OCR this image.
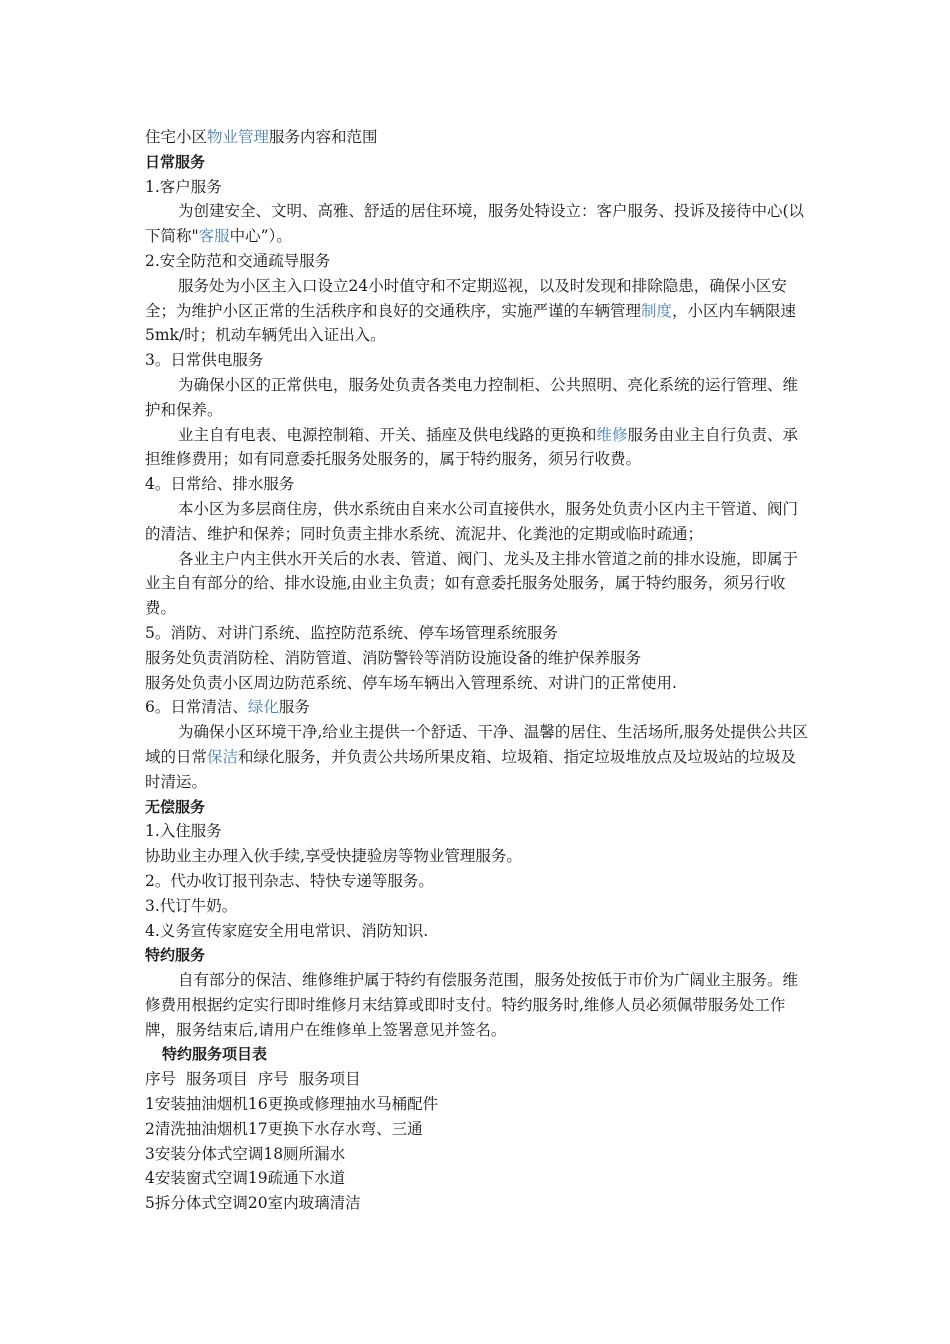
住宅小区物业管理服务内容和范围

日常服务

1.客户服务

为创建安全、文明、高雅、舒适的居住环境，服务处特设立：客户服务、投诉及接待中心(以下简称"客服中心”）。

2.安全防范和交通疏导服务

服务处为小区主入口设立24小时值守和不定期巡视，以及时发现和排除隐患，确保小区安全；为维护小区正常的生活秩序和良好的交通秩序，实施严谨的车辆管理制度，小区内车辆限速5mk/时；机动车辆凭出入证出入。

3。日常供电服务

为确保小区的正常供电，服务处负责各类电力控制柜、公共照明、亮化系统的运行管理、维护和保养。

业主自有电表、电源控制箱、开关、插座及供电线路的更换和维修服务由业主自行负责、承担维修费用；如有同意委托服务处服务的，属于特约服务，须另行收费。

4。日常给、排水服务

本小区为多层商住房，供水系统由自来水公司直接供水，服务处负责小区内主干管道、阀门的清洁、维护和保养；同时负责主排水系统、流泥井、化粪池的定期或临时疏通；

各业主户内主供水开关后的水表、管道、阀门、龙头及主排水管道之前的排水设施，即属于业主自有部分的给、排水设施,由业主负责；如有意委托服务处服务，属于特约服务，须另行收费。

5。消防、对讲门系统、监控防范系统、停车场管理系统服务

服务处负责消防栓、消防管道、消防警铃等消防设施设备的维护保养服务

服务处负责小区周边防范系统、停车场车辆出入管理系统、对讲门的正常使用.

6。日常清洁、绿化服务

为确保小区环境干净,给业主提供一个舒适、干净、温馨的居住、生活场所,服务处提供公共区域的日常保洁和绿化服务，并负责公共场所果皮箱、垃圾箱、指定垃圾堆放点及垃圾站的垃圾及时清运。

无偿服务

1.入住服务

协助业主办理入伙手续,享受快捷验房等物业管理服务。

2。代办收订报刊杂志、特快专递等服务。

3.代订牛奶。

4.义务宣传家庭安全用电常识、消防知识.

特约服务

自有部分的保洁、维修维护属于特约有偿服务范围，服务处按低于市价为广阔业主服务。维修费用根据约定实行即时维修月末结算或即时支付。特约服务时,维修人员必须佩带服务处工作牌，服务结束后,请用户在维修单上签署意见并签名。

特约服务项目表

序号  服务项目  序号  服务项目

1安装抽油烟机16更换或修理抽水马桶配件

2清洗抽油烟机17更换下水存水弯、三通

3安装分体式空调18厕所漏水

4安装窗式空调19疏通下水道

5拆分体式空调20室内玻璃清洁
